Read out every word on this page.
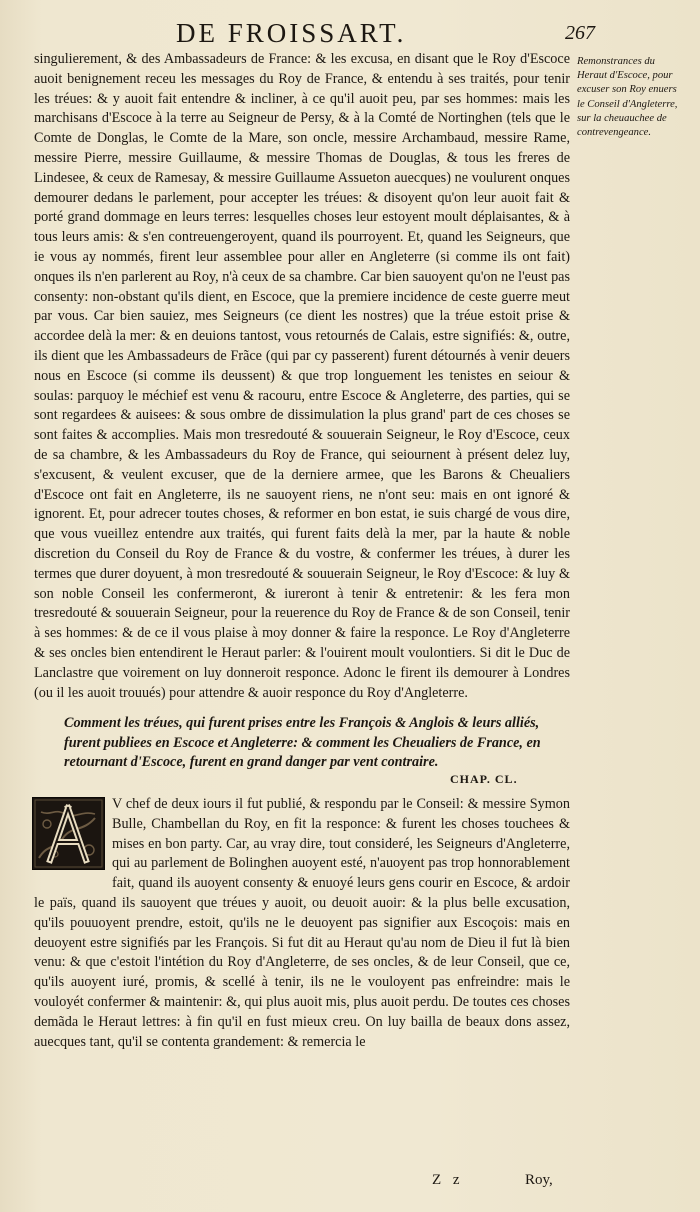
DE FROISSART.	267

singulierement, & des Ambassadeurs de France: & les excusa, en disant que le Roy d'Escoce auoit benignement receu les messages du Roy de France, & entendu à ses traités, pour tenir les tréues: & y auoit fait entendre & incliner, à ce qu'il auoit peu, par ses hommes: mais les marchisans d'Escoce à la terre au Seigneur de Persy, & à la Comté de Nortinghen (tels que le Comte de Donglas, le Comte de la Mare, son oncle, messire Archambaud, messire Rame, messire Pierre, messire Guillaume, & messire Thomas de Douglas, & tous les freres de Lindesee, & ceux de Ramesay, & messire Guillaume Assueton auecques) ne voulurent onques demourer dedans le parlement, pour accepter les tréues: & disoyent qu'on leur auoit fait & porté grand dommage en leurs terres: lesquelles choses leur estoyent moult déplaisantes, & à tous leurs amis: & s'en contreuengeroyent, quand ils pourroyent. Et, quand les Seigneurs, que ie vous ay nommés, firent leur assemblee pour aller en Angleterre (si comme ils ont fait) onques ils n'en parlerent au Roy, n'à ceux de sa chambre. Car bien sauoyent qu'on ne l'eust pas consenty: non-obstant qu'ils dient, en Escoce, que la premiere incidence de ceste guerre meut par vous. Car bien sauiez, mes Seigneurs (ce dient les nostres) que la tréue estoit prise & accordee delà la mer: & en deuions tantost, vous retournés de Calais, estre signifiés: &, outre, ils dient que les Ambassadeurs de Frãce (qui par cy passerent) furent détournés à venir deuers nous en Escoce (si comme ils deussent) & que trop longuement les tenistes en seiour & soulas: parquoy le méchief est venu & racouru, entre Escoce & Angleterre, des parties, qui se sont regardees & auisees: & sous ombre de dissimulation la plus grand' part de ces choses se sont faites & accomplies. Mais mon tresredouté & souuerain Seigneur, le Roy d'Escoce, ceux de sa chambre, & les Ambassadeurs du Roy de France, qui seiournent à présent delez luy, s'excusent, & veulent excuser, que de la derniere armee, que les Barons & Cheualiers d'Escoce ont fait en Angleterre, ils ne sauoyent riens, ne n'ont seu: mais en ont ignoré & ignorent. Et, pour adrecer toutes choses, & reformer en bon estat, ie suis chargé de vous dire, que vous vueillez entendre aux traités, qui furent faits delà la mer, par la haute & noble discretion du Conseil du Roy de France & du vostre, & confermer les tréues, à durer les termes que durer doyuent, à mon tresredouté & souuerain Seigneur, le Roy d'Escoce: & luy & son noble Conseil les confermeront, & iureront à tenir & entretenir: & les fera mon tresredouté & souuerain Seigneur, pour la reuerence du Roy de France & de son Conseil, tenir à ses hommes: & de ce il vous plaise à moy donner & faire la responce. Le Roy d'Angleterre & ses oncles bien entendirent le Heraut parler: & l'ouirent moult voulontiers. Si dit le Duc de Lanclastre que voirement on luy donneroit responce. Adonc le firent ils demourer à Londres (ou il les auoit trouués) pour attendre & auoir responce du Roy d'Angleterre.

Remonstrances du Heraut d'Escoce, pour excuser son Roy enuers le Conseil d'Angleterre, sur la cheuauchee de contrevengeance.
Comment les tréues, qui furent prises entre les François & Anglois & leurs alliés, furent publiees en Escoce et Angleterre: & comment les Cheualiers de France, en retournant d'Escoce, furent en grand danger par vent contraire.
CHAP. CL.

V chef de deux iours il fut publié, & respondu par le Conseil: & messire Symon Bulle, Chambellan du Roy, en fit la responce: & furent les choses touchees & mises en bon party. Car, au vray dire, tout consideré, les Seigneurs d'Angleterre, qui au parlement de Bolinghen auoyent esté, n'auoyent pas trop honnorablement fait, quand ils auoyent consenty & enuoyé leurs gens courir en Escoce, & ardoir le païs, quand ils sauoyent que tréues y auoit, ou deuoit auoir: & la plus belle excusation, qu'ils pouuoyent prendre, estoit, qu'ils ne le deuoyent pas signifier aux Escoçois: mais en deuoyent estre signifiés par les François. Si fut dit au Heraut qu'au nom de Dieu il fut là bien venu: & que c'estoit l'intétion du Roy d'Angleterre, de ses oncles, & de leur Conseil, que ce, qu'ils auoyent iuré, promis, & scellé à tenir, ils ne le vouloyent pas enfreindre: mais le vouloyét confermer & maintenir: &, qui plus auoit mis, plus auoit perdu. De toutes ces choses demãda le Heraut lettres: à fin qu'il en fust mieux creu. On luy bailla de beaux dons assez, auecques tant, qu'il se contenta grandement: & remercia le

Z z	Roy,
